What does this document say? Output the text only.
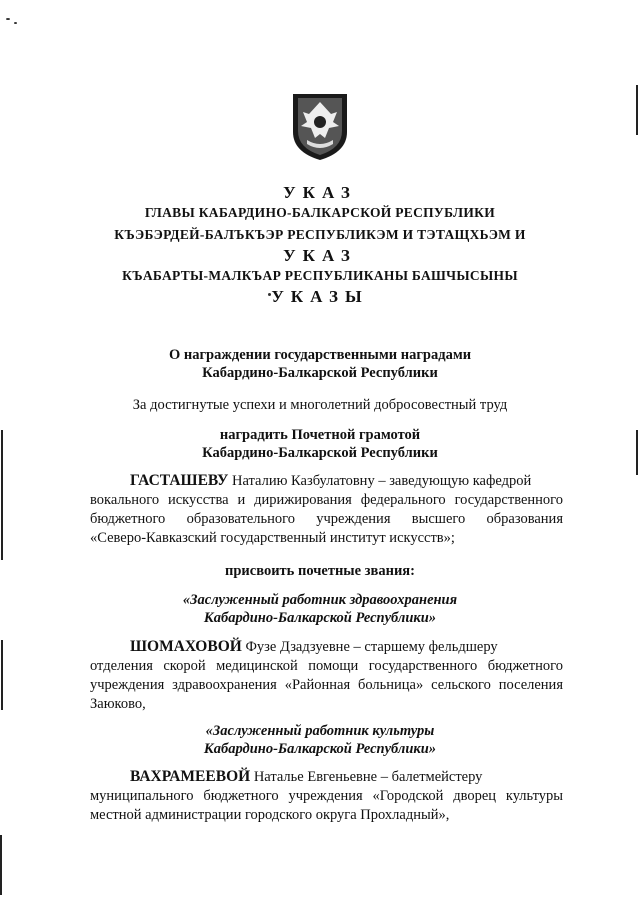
УКАЗ
ГЛАВЫ КАБАРДИНО-БАЛКАРСКОЙ РЕСПУБЛИКИ
КЪЭБЭРДЕЙ-БАЛЪКЪЭР РЕСПУБЛИКЭМ И ТЭТАЩХЬЭМ И
УКАЗ
КЪАБАРТЫ-МАЛКЪАР РЕСПУБЛИКАНЫ БАШЧЫСЫНЫ
УКАЗЫ
О награждении государственными наградами
Кабардино-Балкарской Республики
За достигнутые успехи и многолетний добросовестный труд
наградить Почетной грамотой
Кабардино-Балкарской Республики
ГАСТАШЕВУ Наталию Казбулатовну – заведующую кафедрой
вокального искусства и дирижирования федерального государственного
бюджетного образовательного учреждения высшего образования
«Северо-Кавказский государственный институт искусств»;
присвоить почетные звания:
«Заслуженный работник здравоохранения
Кабардино-Балкарской Республики»
ШОМАХОВОЙ Фузе Дзадзуевне – старшему фельдшеру
отделения скорой медицинской помощи государственного бюджетного
учреждения здравоохранения «Районная больница» сельского поселения
Заюково,
«Заслуженный работник культуры
Кабардино-Балкарской Республики»
ВАХРАМЕЕВОЙ Наталье Евгеньевне – балетмейстеру
муниципального бюджетного учреждения «Городской дворец культуры
местной администрации городского округа Прохладный»,
